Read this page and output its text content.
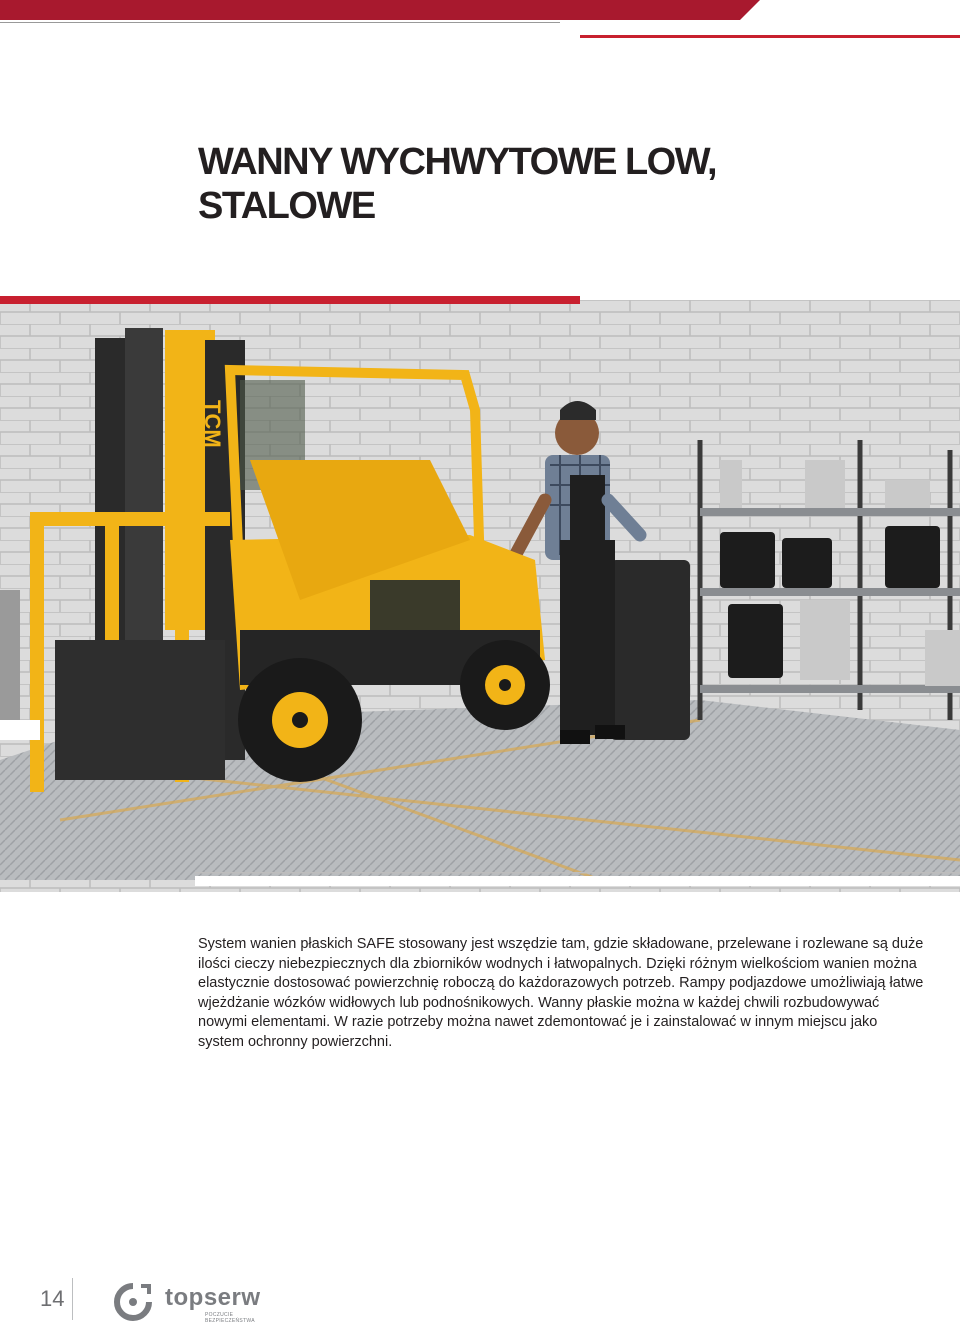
WANNY WYCHWYTOWE LOW, STALOWE
TCM

System wanien płaskich SAFE stosowany jest wszędzie tam, gdzie składowane, przelewane i rozlewane są duże ilości cieczy niebezpiecznych dla zbiorników wodnych i łatwopalnych. Dzięki różnym wielkościom wanien można elastycznie dostosować powierzchnię roboczą do każdorazowych potrzeb. Rampy podjazdowe umożliwiają łatwe wjeżdżanie wózków widłowych lub podnośnikowych. Wanny płaskie można w każdej chwili rozbudowywać nowymi elementami. W razie potrzeby można nawet zdemontować je i zainstalować w innym miejscu jako system ochronny powierzchni.

14	topserw
POCZUCIE BEZPIECZEŃSTWA
